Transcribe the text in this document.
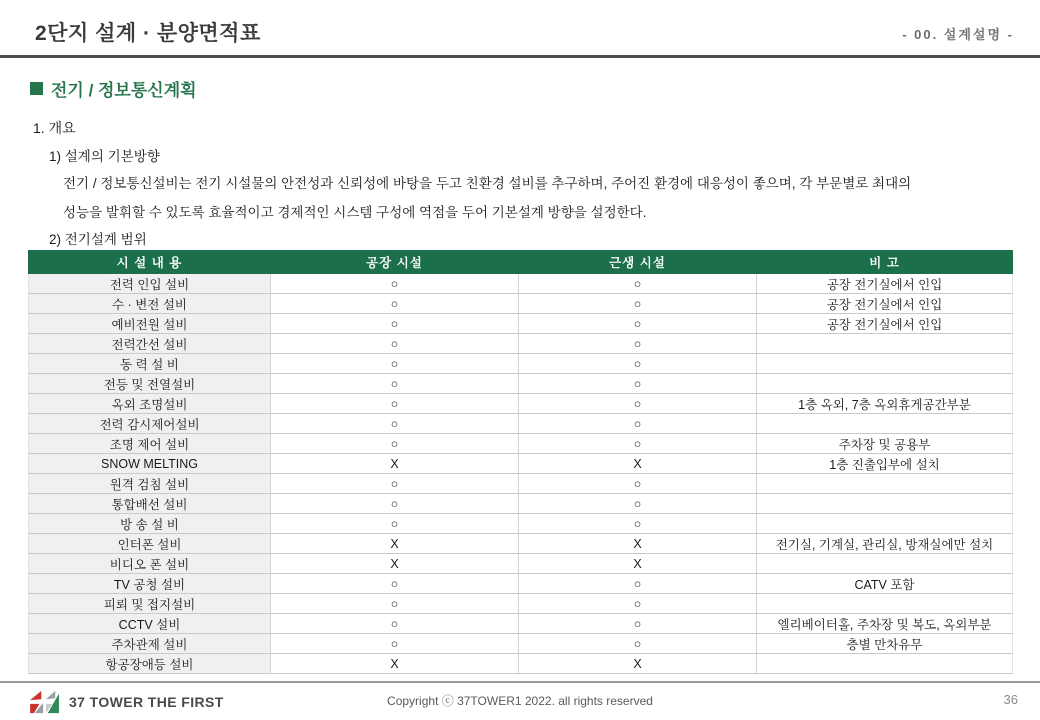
2단지 설계 · 분양면적표	- 00. 설계설명 -
전기 / 정보통신계획
1. 개요
1) 설계의 기본방향
전기 / 정보통신설비는 전기 시설물의 안전성과 신뢰성에 바탕을 두고 친환경 설비를 추구하며, 주어진 환경에 대응성이 좋으며, 각 부문별로 최대의
성능을 발휘할 수 있도록 효율적이고 경제적인 시스템 구성에 역점을 두어 기본설계 방향을 설정한다.
2) 전기설계 범위
시 설 내 용	공장 시설	근생 시설	비 고
전력 인입 설비	○	○	공장 전기실에서 인입
수 · 변전 설비	○	○	공장 전기실에서 인입
예비전원 설비	○	○	공장 전기실에서 인입
전력간선 설비	○	○	
동 력 설 비	○	○	
전등 및 전열설비	○	○	
옥외 조명설비	○	○	1층 옥외, 7층 옥외휴게공간부분
전력 감시제어설비	○	○	
조명 제어 설비	○	○	주차장 및 공용부
SNOW MELTING	X	X	1층 진출입부에 설치
원격 검침 설비	○	○	
통합배선 설비	○	○	
방 송 설 비	○	○	
인터폰 설비	X	X	전기실, 기계실, 관리실, 방재실에만 설치
비디오 폰 설비	X	X	
TV 공청 설비	○	○	CATV 포함
피뢰 및 접지설비	○	○	
CCTV 설비	○	○	엘리베이터홀, 주차장 및 복도, 옥외부분
주차관제 설비	○	○	층별 만차유무
항공장애등 설비	X	X	
37 TOWER THE FIRST	Copyright ⓒ 37TOWER1 2022. all rights reserved	36
